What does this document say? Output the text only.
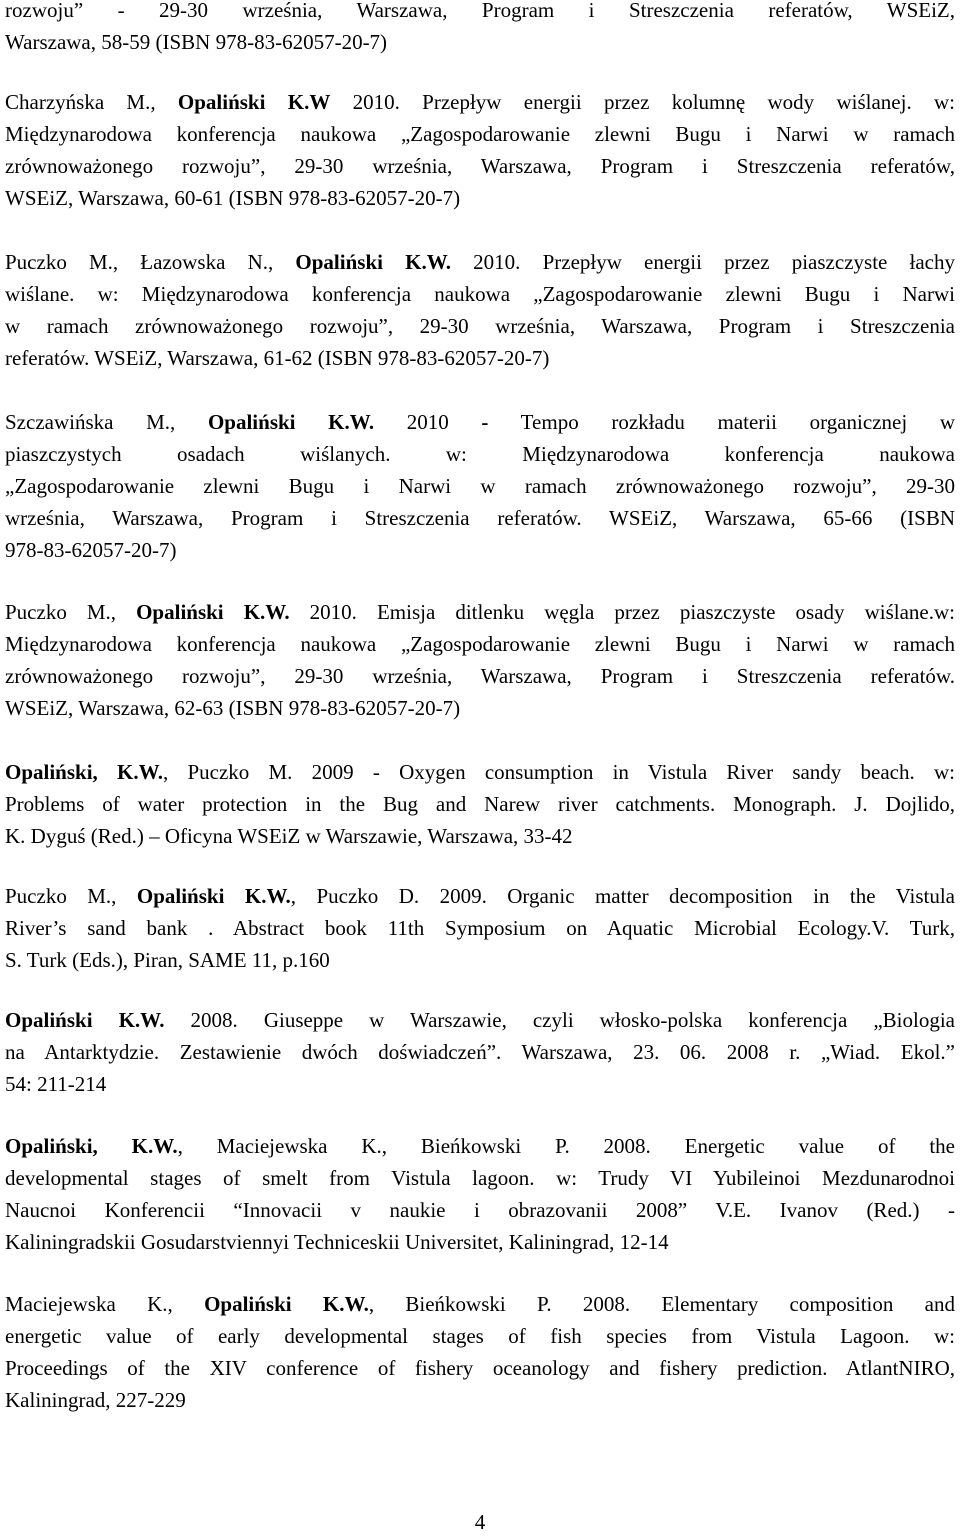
rozwoju” - 29-30 września, Warszawa, Program i Streszczenia referatów, WSEiZ,
Warszawa, 58-59 (ISBN 978-83-62057-20-7)
Charzyńska M., Opaliński K.W 2010. Przepływ energii przez kolumnę wody wiślanej. w:
Międzynarodowa konferencja naukowa „Zagospodarowanie zlewni Bugu i Narwi w ramach
zrównoważonego rozwoju”, 29-30 września, Warszawa, Program i Streszczenia referatów,
WSEiZ, Warszawa, 60-61 (ISBN 978-83-62057-20-7)
Puczko M., Łazowska N., Opaliński K.W. 2010. Przepływ energii przez piaszczyste łachy
wiślane. w: Międzynarodowa konferencja naukowa „Zagospodarowanie zlewni Bugu i Narwi
w ramach zrównoważonego rozwoju”, 29-30 września, Warszawa, Program i Streszczenia
referatów. WSEiZ, Warszawa, 61-62 (ISBN 978-83-62057-20-7)
Szczawińska M., Opaliński K.W. 2010 - Tempo rozkładu materii organicznej w
piaszczystych osadach wiślanych. w: Międzynarodowa konferencja naukowa
„Zagospodarowanie zlewni Bugu i Narwi w ramach zrównoważonego rozwoju”, 29-30
września, Warszawa, Program i Streszczenia referatów. WSEiZ, Warszawa, 65-66 (ISBN
978-83-62057-20-7)
Puczko M., Opaliński K.W. 2010. Emisja ditlenku węgla przez piaszczyste osady wiślane.w:
Międzynarodowa konferencja naukowa „Zagospodarowanie zlewni Bugu i Narwi w ramach
zrównoważonego rozwoju”, 29-30 września, Warszawa, Program i Streszczenia referatów.
WSEiZ, Warszawa, 62-63 (ISBN 978-83-62057-20-7)
Opaliński, K.W., Puczko M. 2009 - Oxygen consumption in Vistula River sandy beach. w:
Problems of water protection in the Bug and Narew river catchments. Monograph. J. Dojlido,
K. Dyguś (Red.) – Oficyna WSEiZ w Warszawie, Warszawa, 33-42
Puczko M., Opaliński K.W., Puczko D. 2009. Organic matter decomposition in the Vistula
River’s sand bank . Abstract book 11th Symposium on Aquatic Microbial Ecology.V. Turk,
S. Turk (Eds.), Piran, SAME 11, p.160
Opaliński K.W. 2008. Giuseppe w Warszawie, czyli włosko-polska konferencja „Biologia
na Antarktydzie. Zestawienie dwóch doświadczeń”. Warszawa, 23. 06. 2008 r. „Wiad. Ekol.”
54: 211-214
Opaliński, K.W., Maciejewska K., Bieńkowski P. 2008. Energetic value of the
developmental stages of smelt from Vistula lagoon. w: Trudy VI Yubileinoi Mezdunarodnoi
Naucnoi Konferencii “Innovacii v naukie i obrazovanii 2008” V.E. Ivanov (Red.) -
Kaliningradskii Gosudarstviennyi Techniceskii Universitet, Kaliningrad, 12-14
Maciejewska K., Opaliński K.W., Bieńkowski P. 2008. Elementary composition and
energetic value of early developmental stages of fish species from Vistula Lagoon. w:
Proceedings of the XIV conference of fishery oceanology and fishery prediction. AtlantNIRO,
Kaliningrad, 227-229
4
